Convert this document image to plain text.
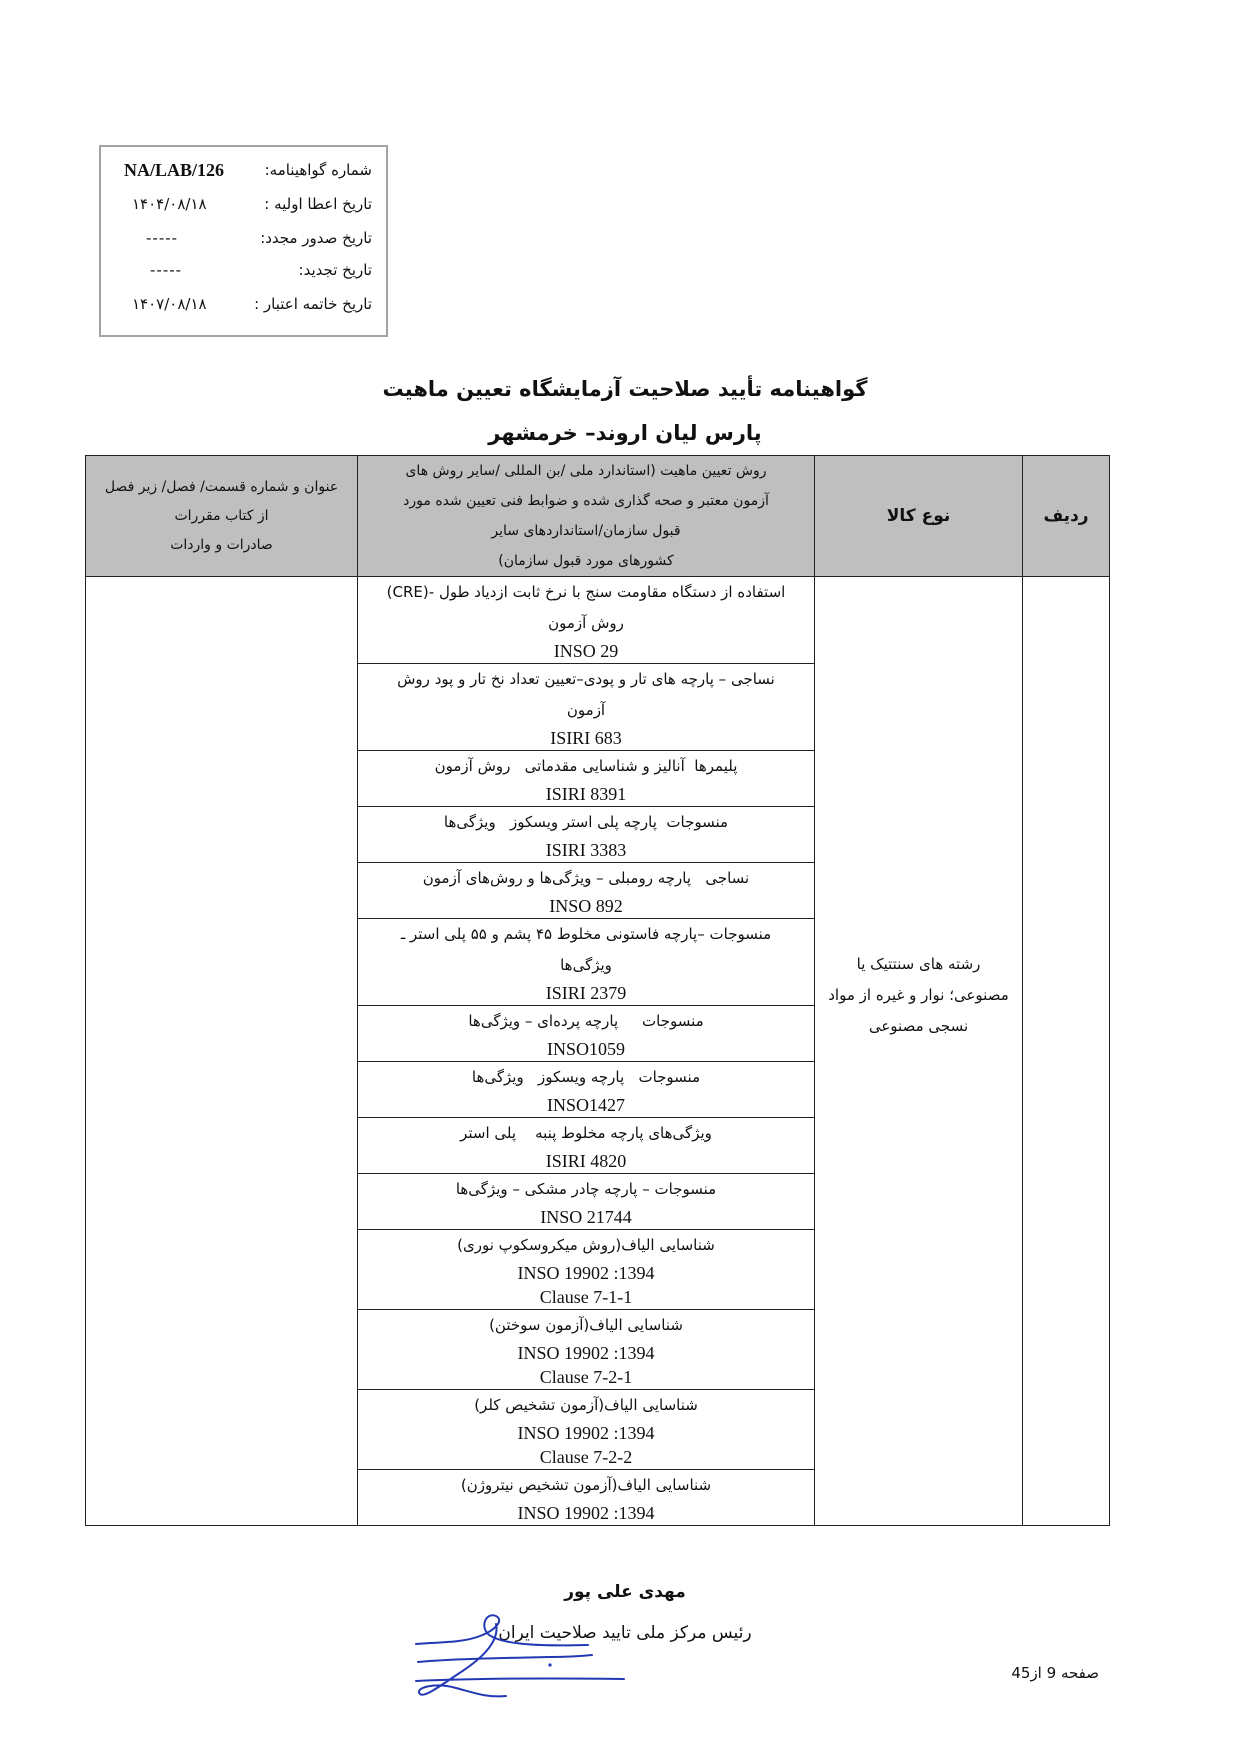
شماره گواهینامه:
NA/LAB/126
تاریخ اعطا اولیه :
۱۴۰۴/۰۸/۱۸
تاریخ صدور مجدد:
-----
تاریخ تجدید:
-----
تاریخ خاتمه اعتبار :
۱۴۰۷/۰۸/۱۸
گواهینامه تأیید صلاحیت آزمایشگاه تعیین ماهیت
پارس لیان اروند– خرمشهر
عنوان و شماره قسمت/ فصل/ زیر فصل
از کتاب مقررات
صادرات و واردات
روش تعیین ماهیت (استاندارد ملی /بن المللی /سایر روش های
آزمون معتبر و صحه گذاری شده و ضوابط فنی تعیین شده مورد
قبول سازمان/استانداردهای سایر
کشورهای مورد قبول سازمان)
نوع کالا	ردیف
استفاده از دستگاه مقاومت سنج با نرخ ثابت ازدیاد طول -(CRE)
روش آزمون
INSO 29
نساجی – پارچه های تار و پودی–تعیین تعداد نخ تار و پود روش
آزمون
ISIRI 683
پلیمرها  آنالیز و شناسایی مقدماتی   روش آزمون
ISIRI 8391
منسوجات  پارچه پلی استر ویسکوز   ویژگی‌ها
ISIRI 3383
نساجی   پارچه رومبلی – ویژگی‌ها و روش‌های آزمون
INSO 892
منسوجات –پارچه فاستونی مخلوط ۴۵ پشم و ۵۵ پلی استر ـ
ویژگی‌ها
ISIRI 2379
منسوجات     پارچه پرده‌ای – ویژگی‌ها
INSO1059
منسوجات   پارچه ویسکوز   ویژگی‌ها
INSO1427
ویژگی‌های پارچه مخلوط پنبه    پلی استر
ISIRI 4820
منسوجات – پارچه چادر مشکی – ویژگی‌ها
INSO 21744
شناسایی الیاف(روش میکروسکوپ نوری)
INSO 19902 :1394
Clause 7-1-1
شناسایی الیاف(آزمون سوختن)
INSO 19902 :1394
Clause 7-2-1
شناسایی الیاف(آزمون تشخیص کلر)
INSO 19902 :1394
Clause 7-2-2
شناسایی الیاف(آزمون تشخیص نیتروژن)
INSO 19902 :1394
رشته های سنتتیک یا
مصنوعی؛ نوار و غیره از مواد
نسجی مصنوعی
مهدی علی پور
رئیس مرکز ملی تایید صلاحیت ایران
صفحه 9 از45
